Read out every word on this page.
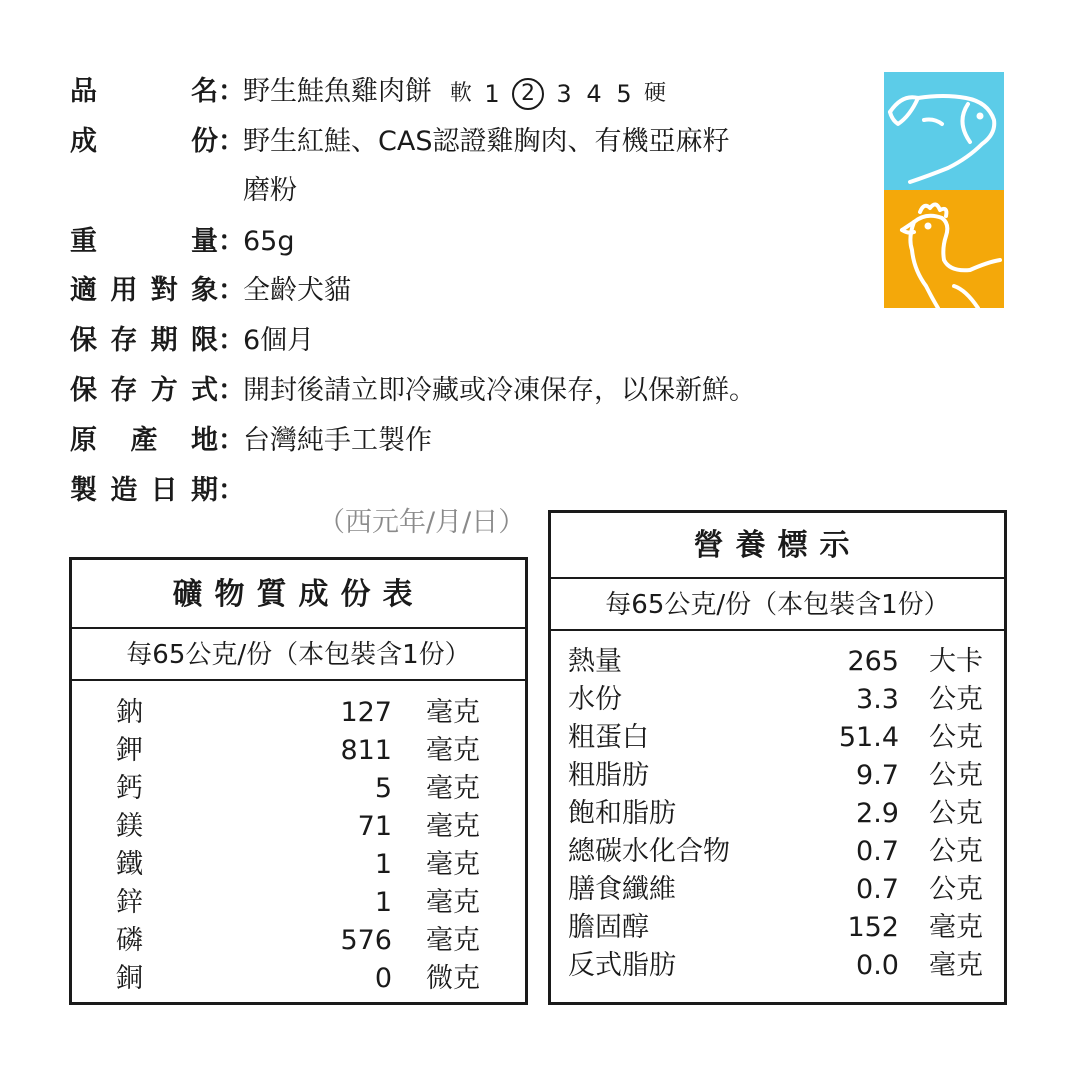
品	名 ：
野生鮭魚雞肉餅 軟 1 2 3 4 5 硬
成	份 ：
野生紅鮭、CAS認證雞胸肉、有機亞麻籽
磨粉
重	量 ：
65g
適 用 對 象 ：
全齡犬貓
保 存 期 限 ：
6個月
保 存 方 式 ：
開封後請立即冷藏或冷凍保存，以保新鮮。
原 產 地 ：
台灣純手工製作
製 造 日 期 ：
（西元年/月/日）
礦物質成份表
每65公克/份（本包裝含1份）
鈉	127 毫克
鉀	811 毫克
鈣	5 毫克
鎂	71 毫克
鐵	1 毫克
鋅	1 毫克
磷	576 毫克
銅	0 微克
營養標示
每65公克/份（本包裝含1份）
熱量	265 大卡
水份	3.3 公克
粗蛋白	51.4 公克
粗脂肪	9.7 公克
飽和脂肪	2.9 公克
總碳水化合物	0.7 公克
膳食纖維	0.7 公克
膽固醇	152 毫克
反式脂肪	0.0 毫克
